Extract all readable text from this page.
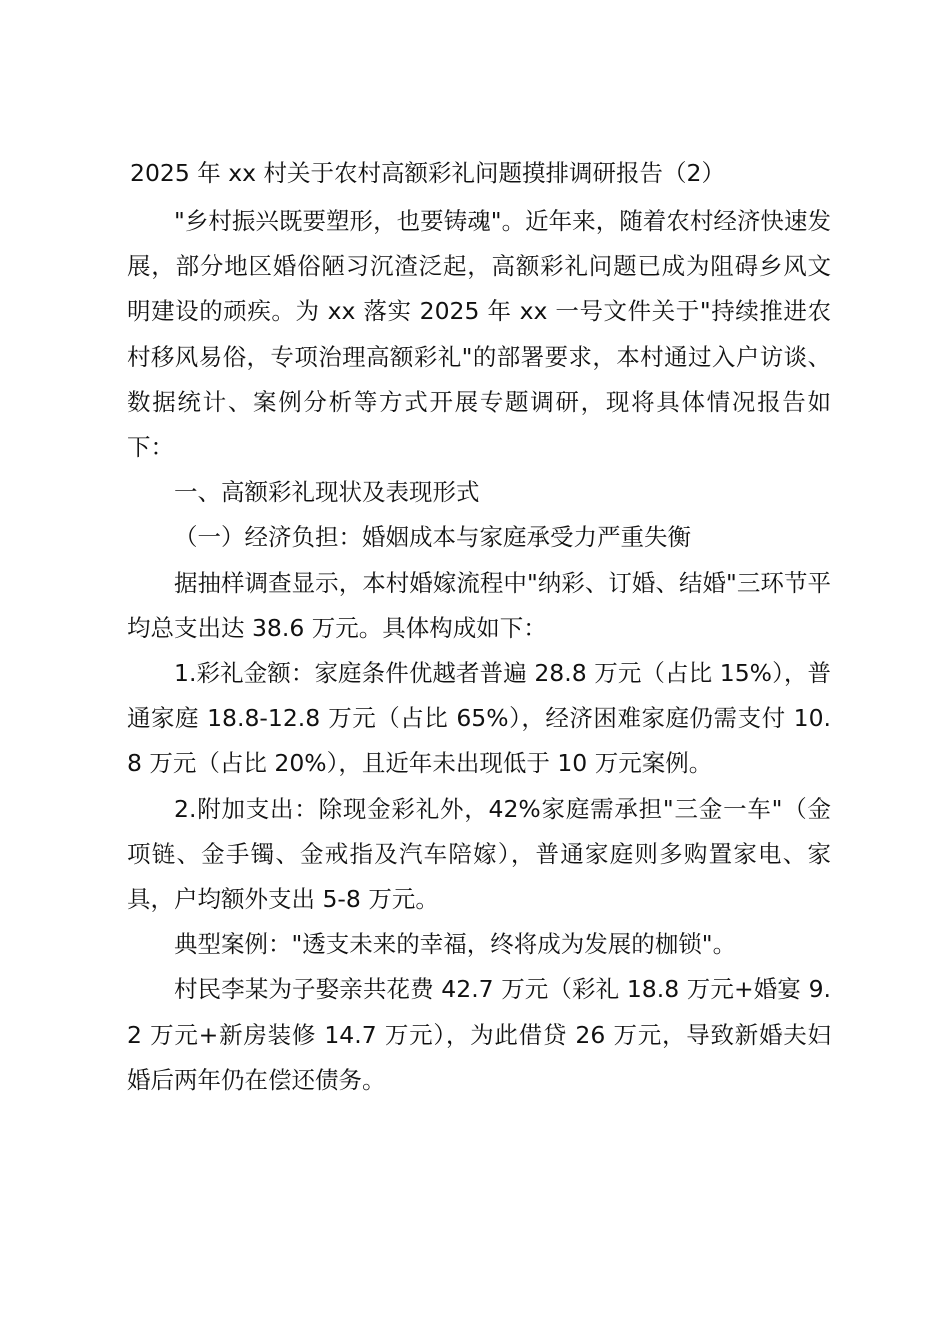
2025 年 xx 村关于农村高额彩礼问题摸排调研报告（2）

"乡村振兴既要塑形，也要铸魂"。近年来，随着农村经济快速发展，部分地区婚俗陋习沉渣泛起，高额彩礼问题已成为阻碍乡风文明建设的顽疾。为 xx 落实 2025 年 xx 一号文件关于"持续推进农村移风易俗，专项治理高额彩礼"的部署要求，本村通过入户访谈、数据统计、案例分析等方式开展专题调研，现将具体情况报告如下：

一、高额彩礼现状及表现形式

（一）经济负担：婚姻成本与家庭承受力严重失衡

据抽样调查显示，本村婚嫁流程中"纳彩、订婚、结婚"三环节平均总支出达 38.6 万元。具体构成如下：

1.彩礼金额：家庭条件优越者普遍 28.8 万元（占比 15%），普通家庭 18.8-12.8 万元（占比 65%），经济困难家庭仍需支付 10.8 万元（占比 20%），且近年未出现低于 10 万元案例。

2.附加支出：除现金彩礼外，42%家庭需承担"三金一车"（金项链、金手镯、金戒指及汽车陪嫁），普通家庭则多购置家电、家具，户均额外支出 5-8 万元。

典型案例："透支未来的幸福，终将成为发展的枷锁"。

村民李某为子娶亲共花费 42.7 万元（彩礼 18.8 万元+婚宴 9.2 万元+新房装修 14.7 万元），为此借贷 26 万元，导致新婚夫妇婚后两年仍在偿还债务。
